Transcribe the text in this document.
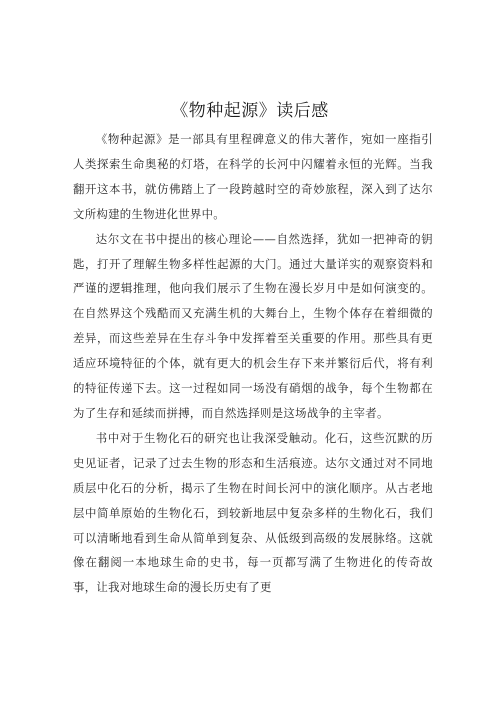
《物种起源》读后感

《物种起源》是一部具有里程碑意义的伟大著作，宛如一座指引人类探索生命奥秘的灯塔，在科学的长河中闪耀着永恒的光辉。当我翻开这本书，就仿佛踏上了一段跨越时空的奇妙旅程，深入到了达尔文所构建的生物进化世界中。

达尔文在书中提出的核心理论——自然选择，犹如一把神奇的钥匙，打开了理解生物多样性起源的大门。通过大量详实的观察资料和严谨的逻辑推理，他向我们展示了生物在漫长岁月中是如何演变的。在自然界这个残酷而又充满生机的大舞台上，生物个体存在着细微的差异，而这些差异在生存斗争中发挥着至关重要的作用。那些具有更适应环境特征的个体，就有更大的机会生存下来并繁衍后代，将有利的特征传递下去。这一过程如同一场没有硝烟的战争，每个生物都在为了生存和延续而拼搏，而自然选择则是这场战争的主宰者。

书中对于生物化石的研究也让我深受触动。化石，这些沉默的历史见证者，记录了过去生物的形态和生活痕迹。达尔文通过对不同地质层中化石的分析，揭示了生物在时间长河中的演化顺序。从古老地层中简单原始的生物化石，到较新地层中复杂多样的生物化石，我们可以清晰地看到生命从简单到复杂、从低级到高级的发展脉络。这就像在翻阅一本地球生命的史书，每一页都写满了生物进化的传奇故事，让我对地球生命的漫长历史有了更
